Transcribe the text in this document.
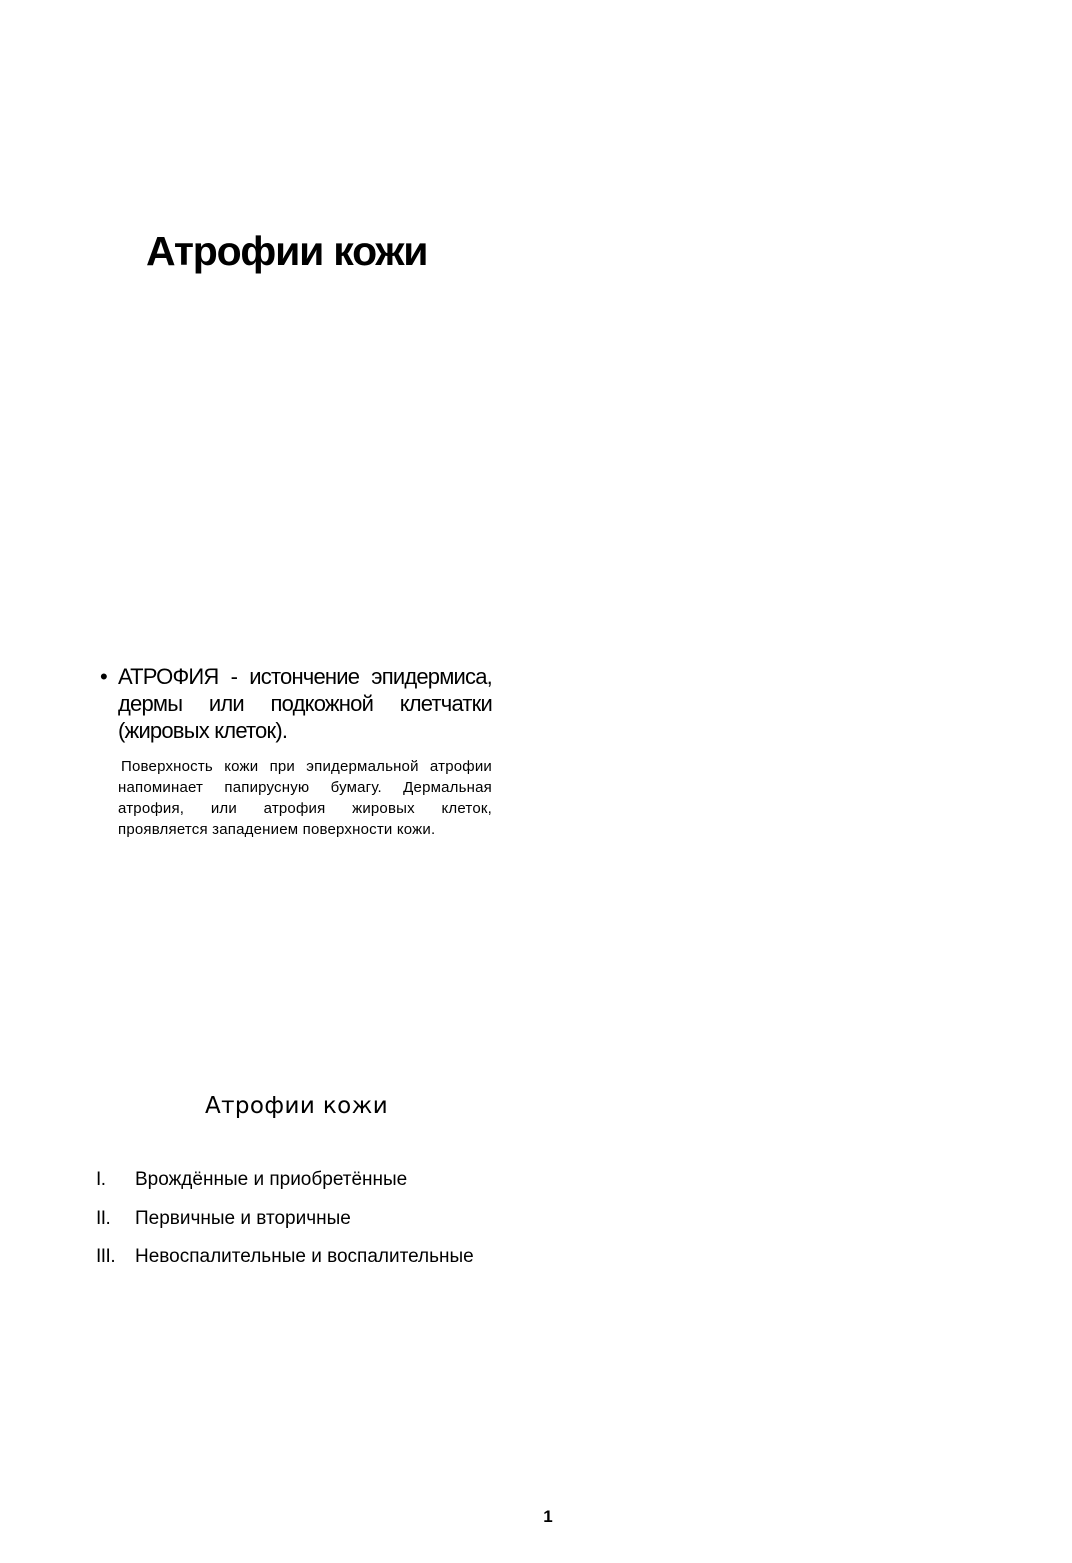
Атрофии кожи
• АТРОФИЯ - истончение эпидермиса, дермы или подкожной клетчатки (жировых клеток).

Поверхность кожи при эпидермальной атрофии напоминает папирусную бумагу. Дермальная атрофия, или атрофия жировых клеток, проявляется западением поверхности кожи.

Атрофии кожи
I. Врождённые и приобретённые
II. Первичные и вторичные
III. Невоспалительные и воспалительные
1
